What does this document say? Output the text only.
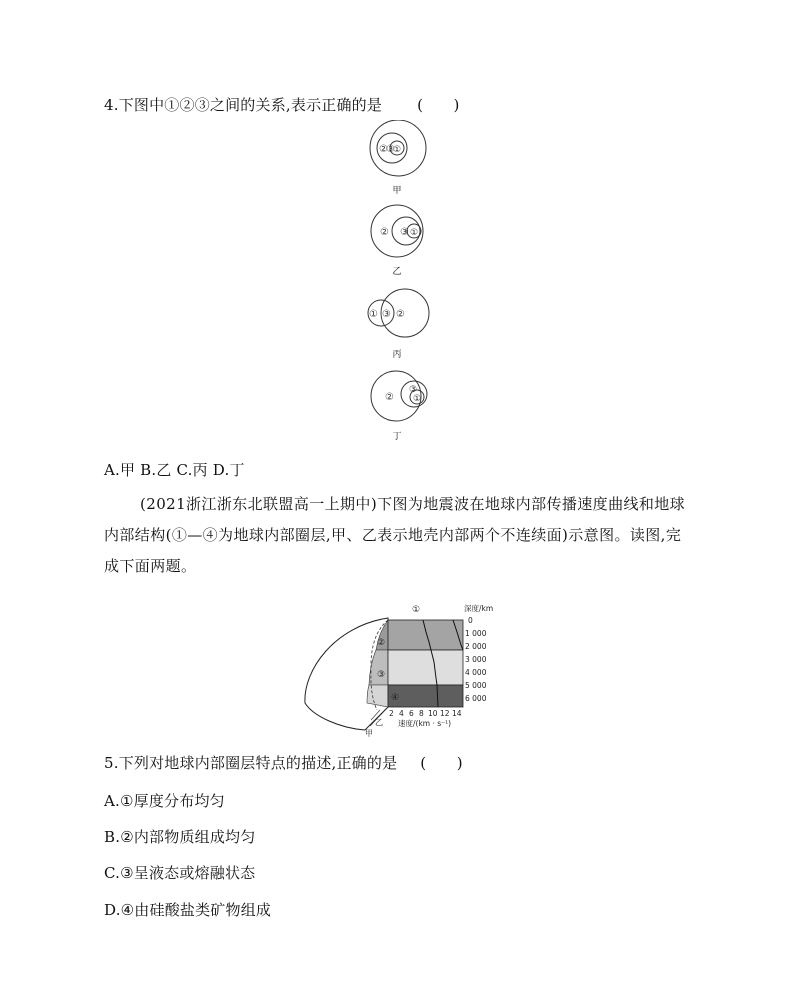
4.下图中①②③之间的关系,表示正确的是 (　　)
②
③
①
甲
② ③ ①
乙
① ③ ②
丙
②
③
①
丁
A.甲 B.乙 C.丙 D.丁
(2021浙江浙东北联盟高一上期中)下图为地震波在地球内部传播速度曲线和地球内部结构(①—④为地球内部圈层,甲、乙表示地壳内部两个不连续面)示意图。读图,完成下面两题。
①
②
③
④
深度/km
0
1 000
2 000
3 000
4 000
5 000
6 000
2 4 6 8 10 12 14
速度/(km · s⁻¹)
乙
甲
5.下列对地球内部圈层特点的描述,正确的是 (　　)
A.①厚度分布均匀
B.②内部物质组成均匀
C.③呈液态或熔融状态
D.④由硅酸盐类矿物组成
